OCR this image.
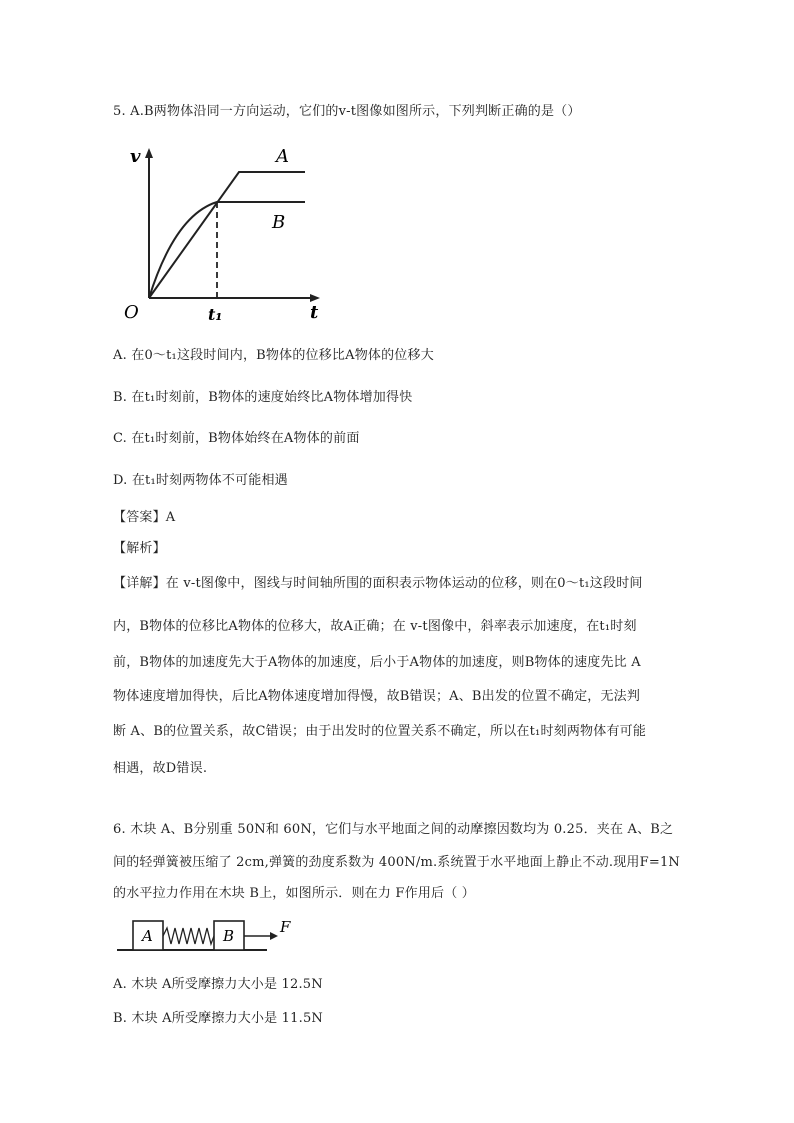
5. A.B两物体沿同一方向运动，它们的v-t图像如图所示，下列判断正确的是（）
v
t
O	t₁
A
B
A. 在0～t₁这段时间内，B物体的位移比A物体的位移大
B. 在t₁时刻前，B物体的速度始终比A物体增加得快
C. 在t₁时刻前，B物体始终在A物体的前面
D. 在t₁时刻两物体不可能相遇
【答案】A
【解析】
【详解】在 v-t图像中，图线与时间轴所围的面积表示物体运动的位移，则在0～t₁这段时间
内，B物体的位移比A物体的位移大，故A正确；在 v-t图像中，斜率表示加速度，在t₁时刻
前，B物体的加速度先大于A物体的加速度，后小于A物体的加速度，则B物体的速度先比 A
物体速度增加得快，后比A物体速度增加得慢，故B错误；A、B出发的位置不确定，无法判
断 A、B的位置关系，故C错误；由于出发时的位置关系不确定，所以在t₁时刻两物体有可能
相遇，故D错误.
6. 木块 A、B分别重 50N和 60N，它们与水平地面之间的动摩擦因数均为 0.25．夹在 A、B之
间的轻弹簧被压缩了 2cm,弹簧的劲度系数为 400N/m.系统置于水平地面上静止不动.现用F=1N
的水平拉力作用在木块 B上，如图所示．则在力 F作用后（ ）
A	B	F
A. 木块 A所受摩擦力大小是 12.5N
B. 木块 A所受摩擦力大小是 11.5N
